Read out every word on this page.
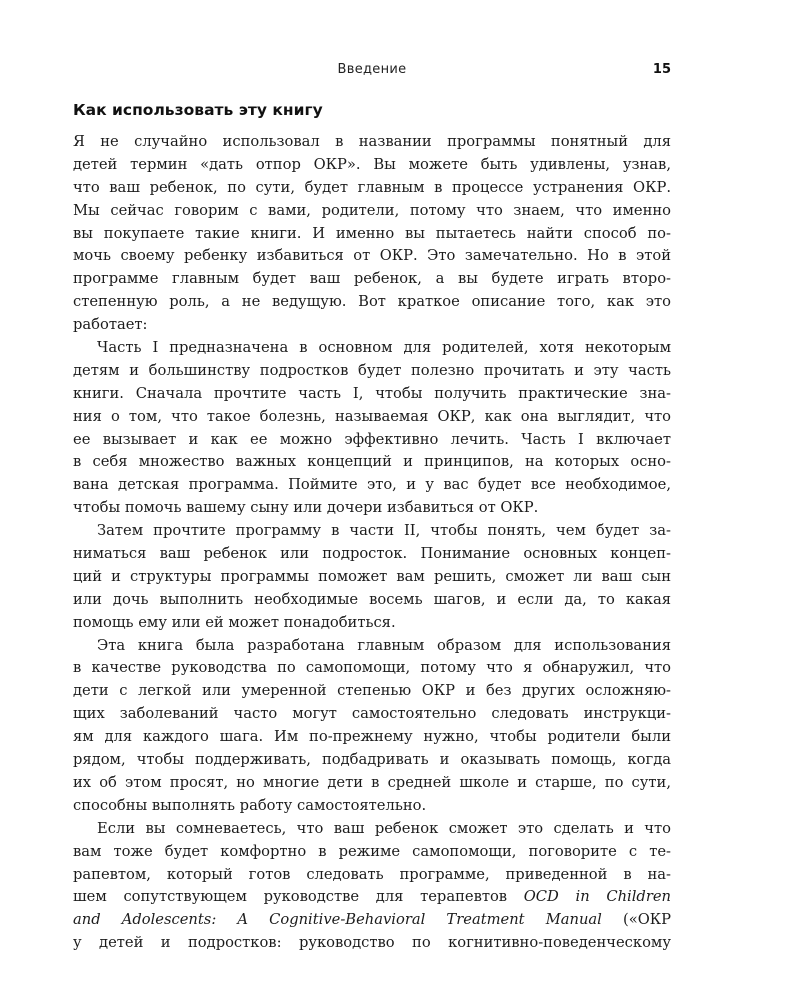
Введение	15
Как использовать эту книгу
Я не случайно использовал в названии программы понятный для
детей термин «дать отпор ОКР». Вы можете быть удивлены, узнав,
что ваш ребенок, по сути, будет главным в процессе устранения ОКР.
Мы сейчас говорим с вами, родители, потому что знаем, что именно
вы покупаете такие книги. И именно вы пытаетесь найти способ по-
мочь своему ребенку избавиться от ОКР. Это замечательно. Но в этой
программе главным будет ваш ребенок, а вы будете играть второ-
степенную роль, а не ведущую. Вот краткое описание того, как это
работает:
Часть I предназначена в основном для родителей, хотя некоторым
детям и большинству подростков будет полезно прочитать и эту часть
книги. Сначала прочтите часть I, чтобы получить практические зна-
ния о том, что такое болезнь, называемая ОКР, как она выглядит, что
ее вызывает и как ее можно эффективно лечить. Часть I включает
в себя множество важных концепций и принципов, на которых осно-
вана детская программа. Поймите это, и у вас будет все необходимое,
чтобы помочь вашему сыну или дочери избавиться от ОКР.
Затем прочтите программу в части II, чтобы понять, чем будет за-
ниматься ваш ребенок или подросток. Понимание основных концеп-
ций и структуры программы поможет вам решить, сможет ли ваш сын
или дочь выполнить необходимые восемь шагов, и если да, то какая
помощь ему или ей может понадобиться.
Эта книга была разработана главным образом для использования
в качестве руководства по самопомощи, потому что я обнаружил, что
дети с легкой или умеренной степенью ОКР и без других осложняю-
щих заболеваний часто могут самостоятельно следовать инструкци-
ям для каждого шага. Им по-прежнему нужно, чтобы родители были
рядом, чтобы поддерживать, подбадривать и оказывать помощь, когда
их об этом просят, но многие дети в средней школе и старше, по сути,
способны выполнять работу самостоятельно.
Если вы сомневаетесь, что ваш ребенок сможет это сделать и что
вам тоже будет комфортно в режиме самопомощи, поговорите с те-
рапевтом, который готов следовать программе, приведенной в на-
шем сопутствующем руководстве для терапевтов OCD in Children
and Adolescents: A Cognitive-Behavioral Treatment Manual («ОКР
у детей и подростков: руководство по когнитивно-поведенческому
